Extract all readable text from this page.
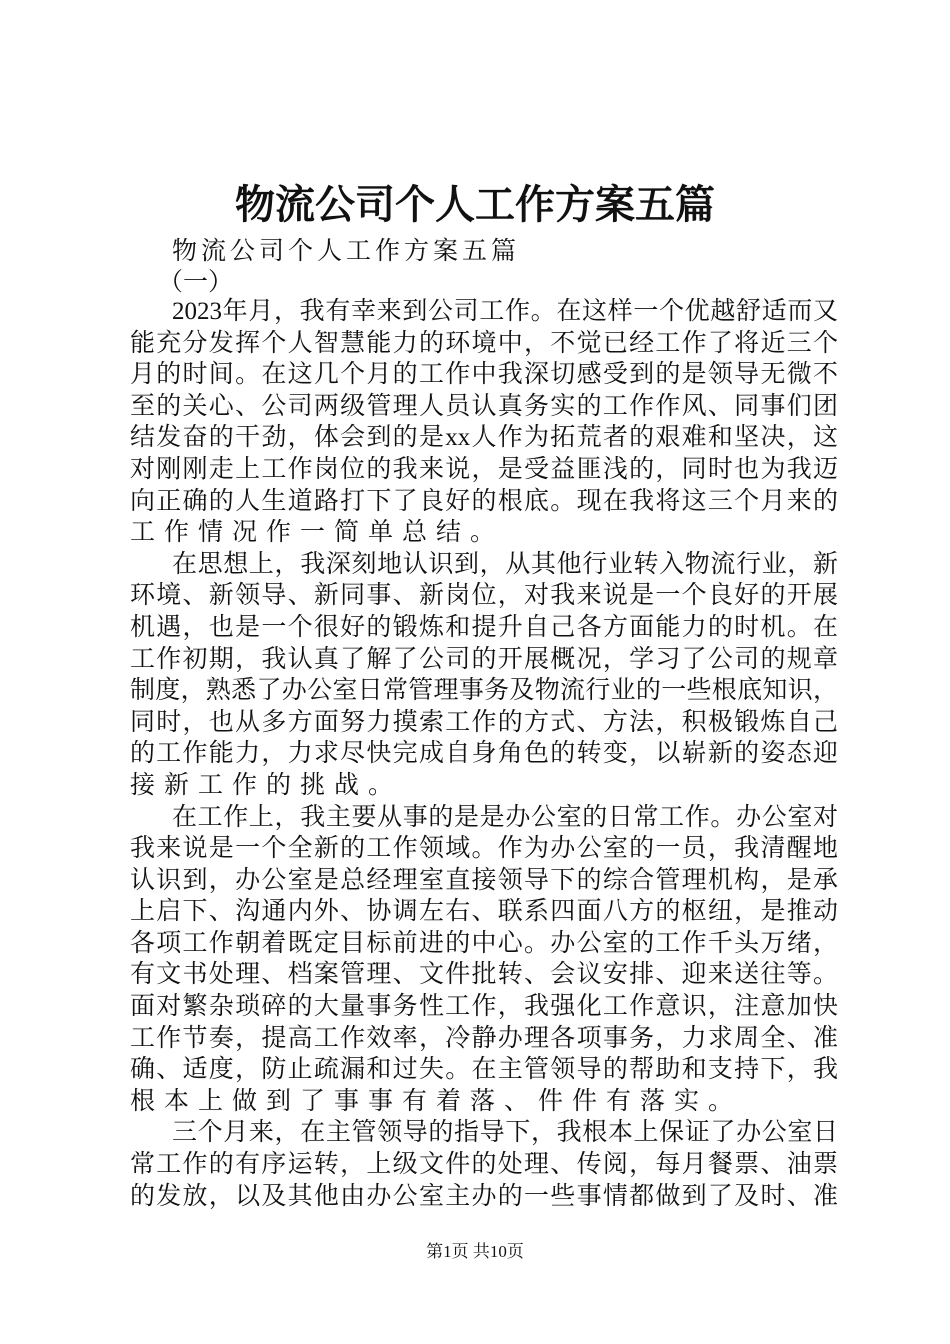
物流公司个人工作方案五篇
物流公司个人工作方案五篇
（一）
2023年月，我有幸来到公司工作。在这样一个优越舒适而又
能充分发挥个人智慧能力的环境中，不觉已经工作了将近三个
月的时间。在这几个月的工作中我深切感受到的是领导无微不
至的关心、公司两级管理人员认真务实的工作作风、同事们团
结发奋的干劲，体会到的是xx人作为拓荒者的艰难和坚决，这
对刚刚走上工作岗位的我来说，是受益匪浅的，同时也为我迈
向正确的人生道路打下了良好的根底。现在我将这三个月来的
工作情况作一简单总结。
在思想上，我深刻地认识到，从其他行业转入物流行业，新
环境、新领导、新同事、新岗位，对我来说是一个良好的开展
机遇，也是一个很好的锻炼和提升自己各方面能力的时机。在
工作初期，我认真了解了公司的开展概况，学习了公司的规章
制度，熟悉了办公室日常管理事务及物流行业的一些根底知识，
同时，也从多方面努力摸索工作的方式、方法，积极锻炼自己
的工作能力，力求尽快完成自身角色的转变，以崭新的姿态迎
接新工作的挑战。
在工作上，我主要从事的是是办公室的日常工作。办公室对
我来说是一个全新的工作领域。作为办公室的一员，我清醒地
认识到，办公室是总经理室直接领导下的综合管理机构，是承
上启下、沟通内外、协调左右、联系四面八方的枢纽，是推动
各项工作朝着既定目标前进的中心。办公室的工作千头万绪，
有文书处理、档案管理、文件批转、会议安排、迎来送往等。
面对繁杂琐碎的大量事务性工作，我强化工作意识，注意加快
工作节奏，提高工作效率，冷静办理各项事务，力求周全、准
确、适度，防止疏漏和过失。在主管领导的帮助和支持下，我
根本上做到了事事有着落、件件有落实。
三个月来，在主管领导的指导下，我根本上保证了办公室日
常工作的有序运转，上级文件的处理、传阅，每月餐票、油票
的发放，以及其他由办公室主办的一些事情都做到了及时、准
第1页 共10页
